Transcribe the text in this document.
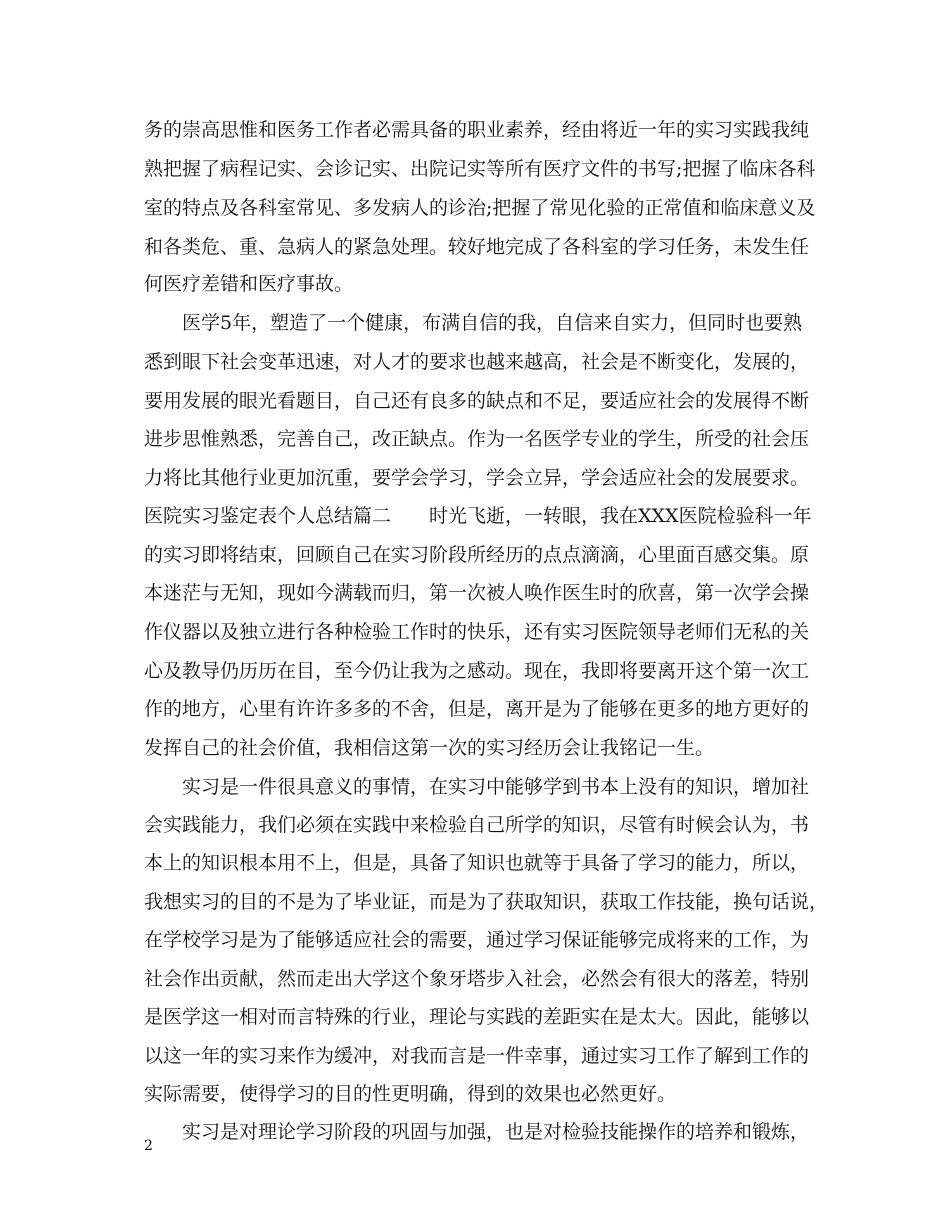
务的崇高思惟和医务工作者必需具备的职业素养，经由将近一年的实习实践我纯
熟把握了病程记实、会诊记实、出院记实等所有医疗文件的书写;把握了临床各科
室的特点及各科室常见、多发病人的诊治;把握了常见化验的正常值和临床意义及
和各类危、重、急病人的紧急处理。较好地完成了各科室的学习任务，未发生任
何医疗差错和医疗事故。
医学5年，塑造了一个健康，布满自信的我，自信来自实力，但同时也要熟
悉到眼下社会变革迅速，对人才的要求也越来越高，社会是不断变化，发展的，
要用发展的眼光看题目，自己还有良多的缺点和不足，要适应社会的发展得不断
进步思惟熟悉，完善自己，改正缺点。作为一名医学专业的学生，所受的社会压
力将比其他行业更加沉重，要学会学习，学会立异，学会适应社会的发展要求。
医院实习鉴定表个人总结篇二　　时光飞逝，一转眼，我在XXX医院检验科一年
的实习即将结束，回顾自己在实习阶段所经历的点点滴滴，心里面百感交集。原
本迷茫与无知，现如今满载而归，第一次被人唤作医生时的欣喜，第一次学会操
作仪器以及独立进行各种检验工作时的快乐，还有实习医院领导老师们无私的关
心及教导仍历历在目，至今仍让我为之感动。现在，我即将要离开这个第一次工
作的地方，心里有许许多多的不舍，但是，离开是为了能够在更多的地方更好的
发挥自己的社会价值，我相信这第一次的实习经历会让我铭记一生。
实习是一件很具意义的事情，在实习中能够学到书本上没有的知识，增加社
会实践能力，我们必须在实践中来检验自己所学的知识，尽管有时候会认为，书
本上的知识根本用不上，但是，具备了知识也就等于具备了学习的能力，所以，
我想实习的目的不是为了毕业证，而是为了获取知识，获取工作技能，换句话说，
在学校学习是为了能够适应社会的需要，通过学习保证能够完成将来的工作，为
社会作出贡献，然而走出大学这个象牙塔步入社会，必然会有很大的落差，特别
是医学这一相对而言特殊的行业，理论与实践的差距实在是太大。因此，能够以
以这一年的实习来作为缓冲，对我而言是一件幸事，通过实习工作了解到工作的
实际需要，使得学习的目的性更明确，得到的效果也必然更好。
实习是对理论学习阶段的巩固与加强，也是对检验技能操作的培养和锻炼，
2
